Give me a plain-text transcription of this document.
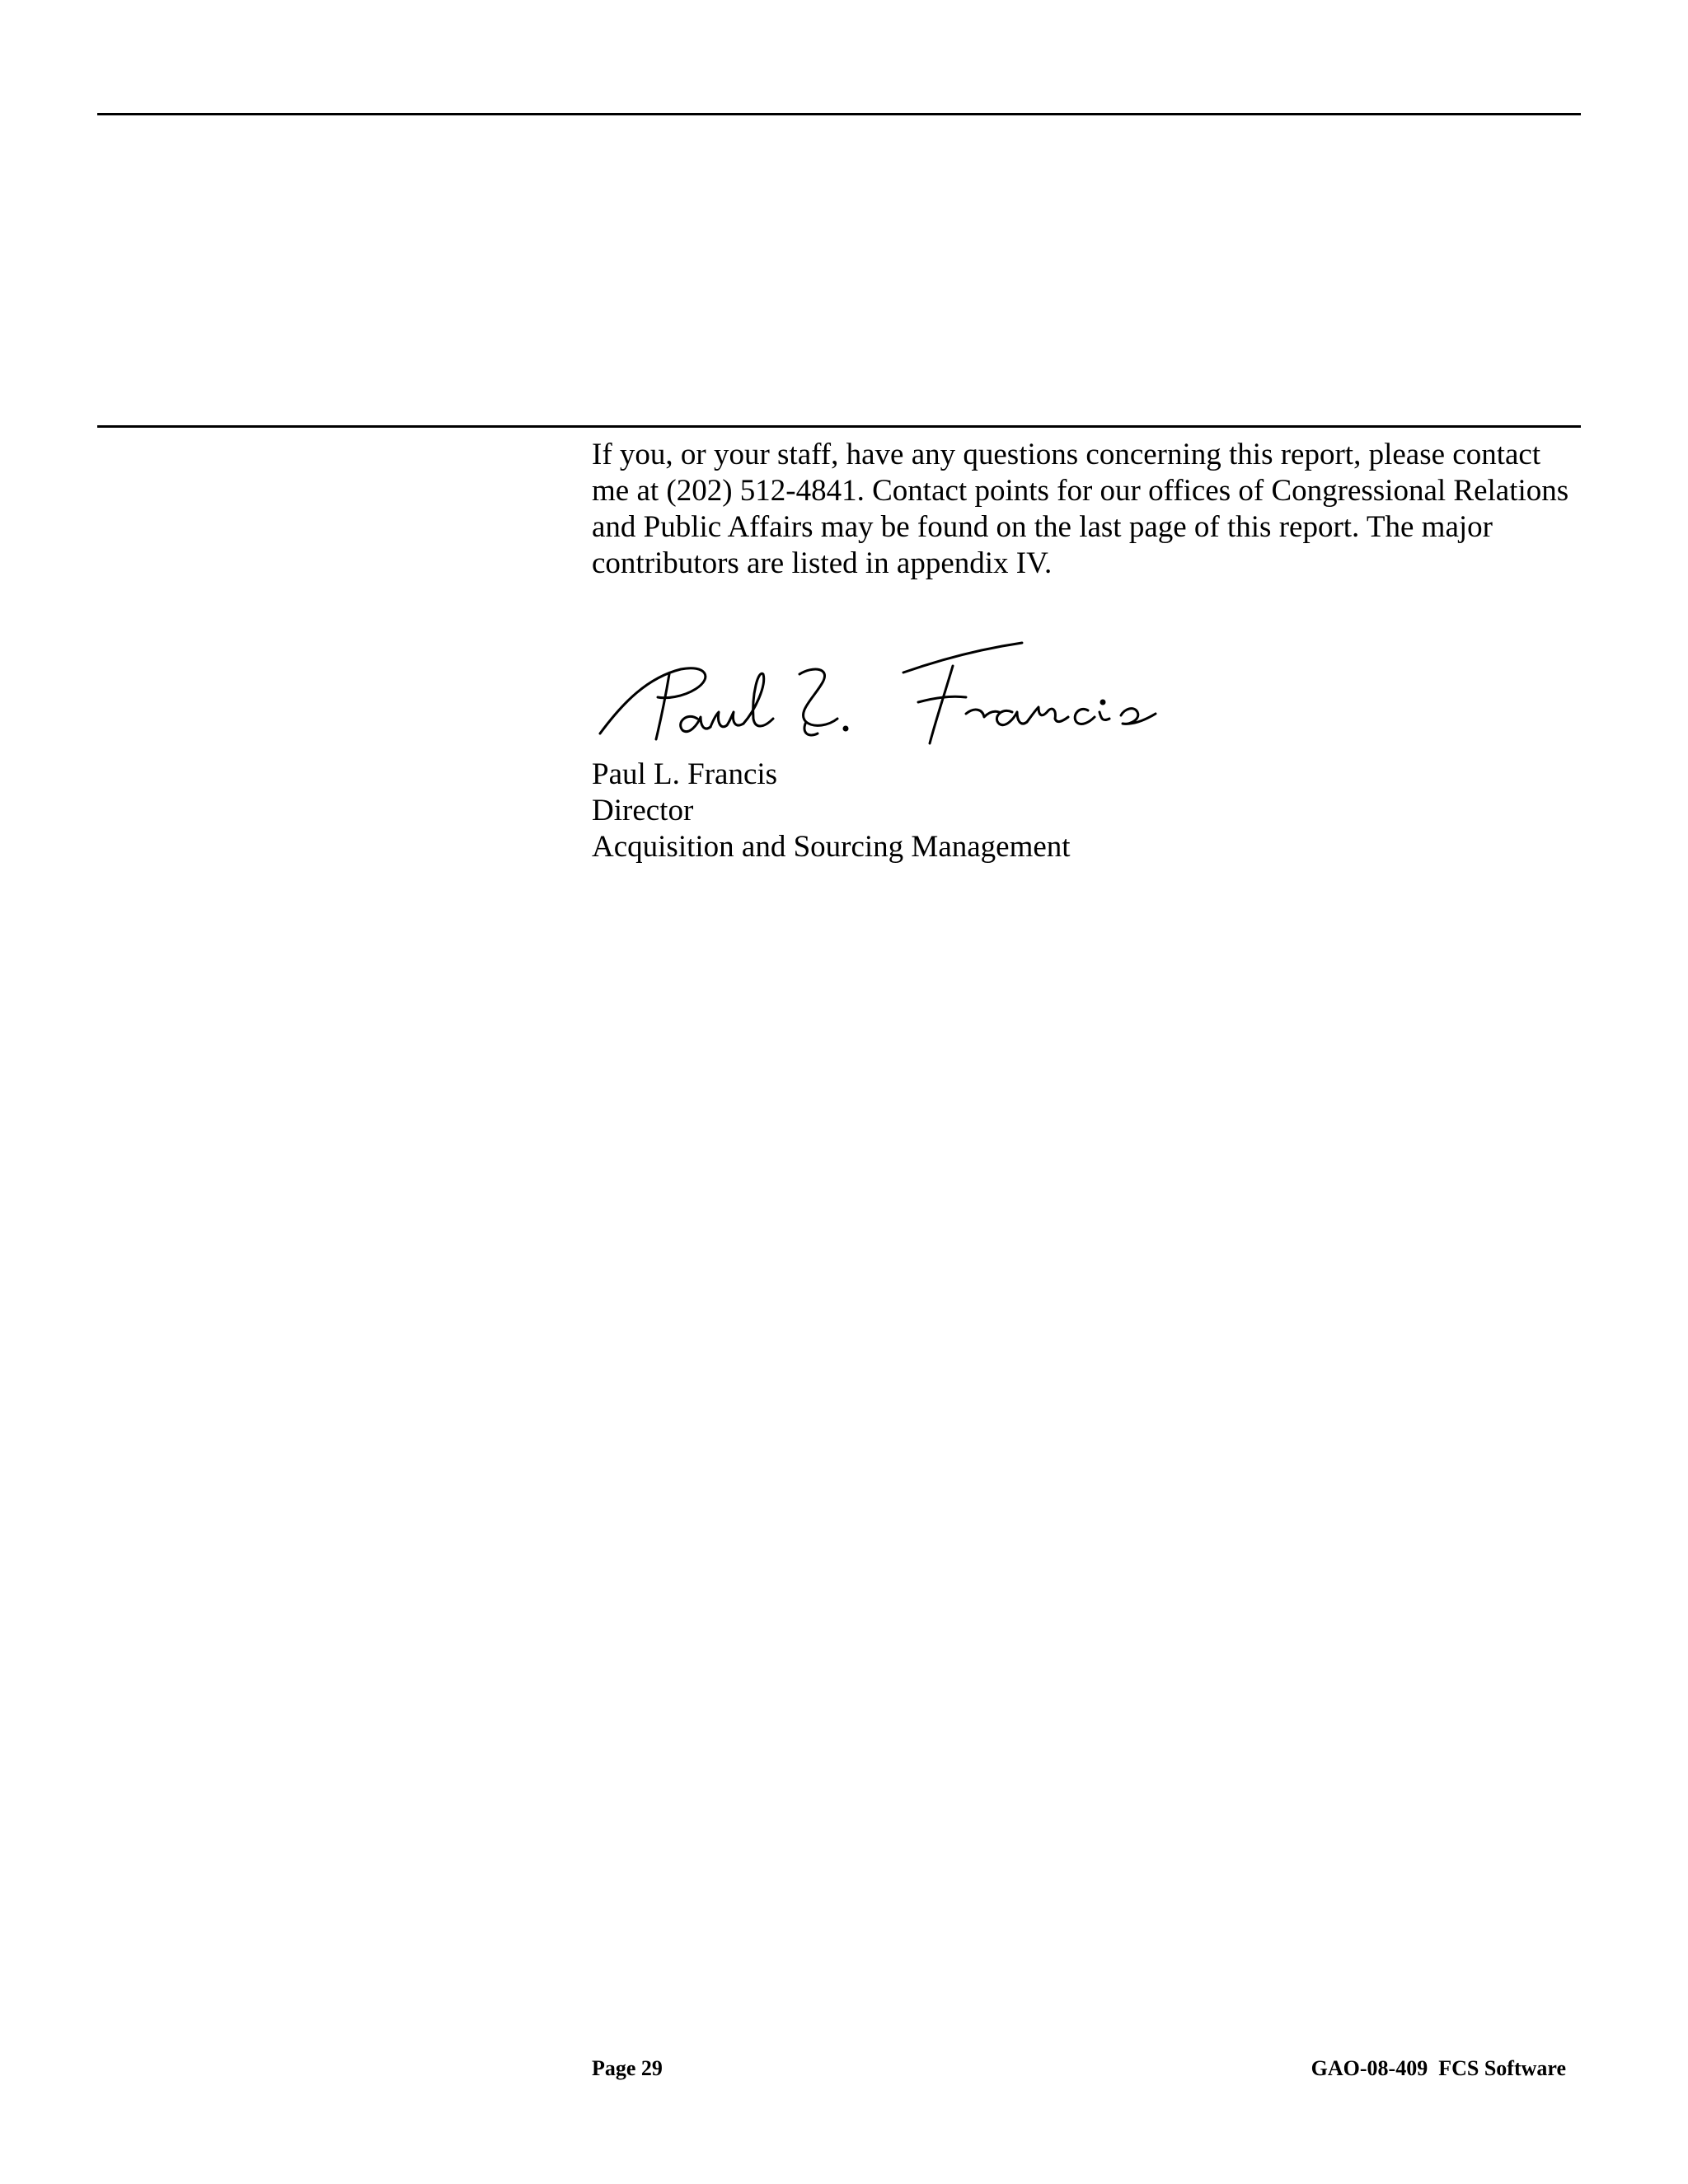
If you, or your staff, have any questions concerning this report, please contact me at (202) 512-4841. Contact points for our offices of Congressional Relations and Public Affairs may be found on the last page of this report. The major contributors are listed in appendix IV.

Paul L. Francis
Director
Acquisition and Sourcing Management
Page 29	GAO-08-409  FCS Software
